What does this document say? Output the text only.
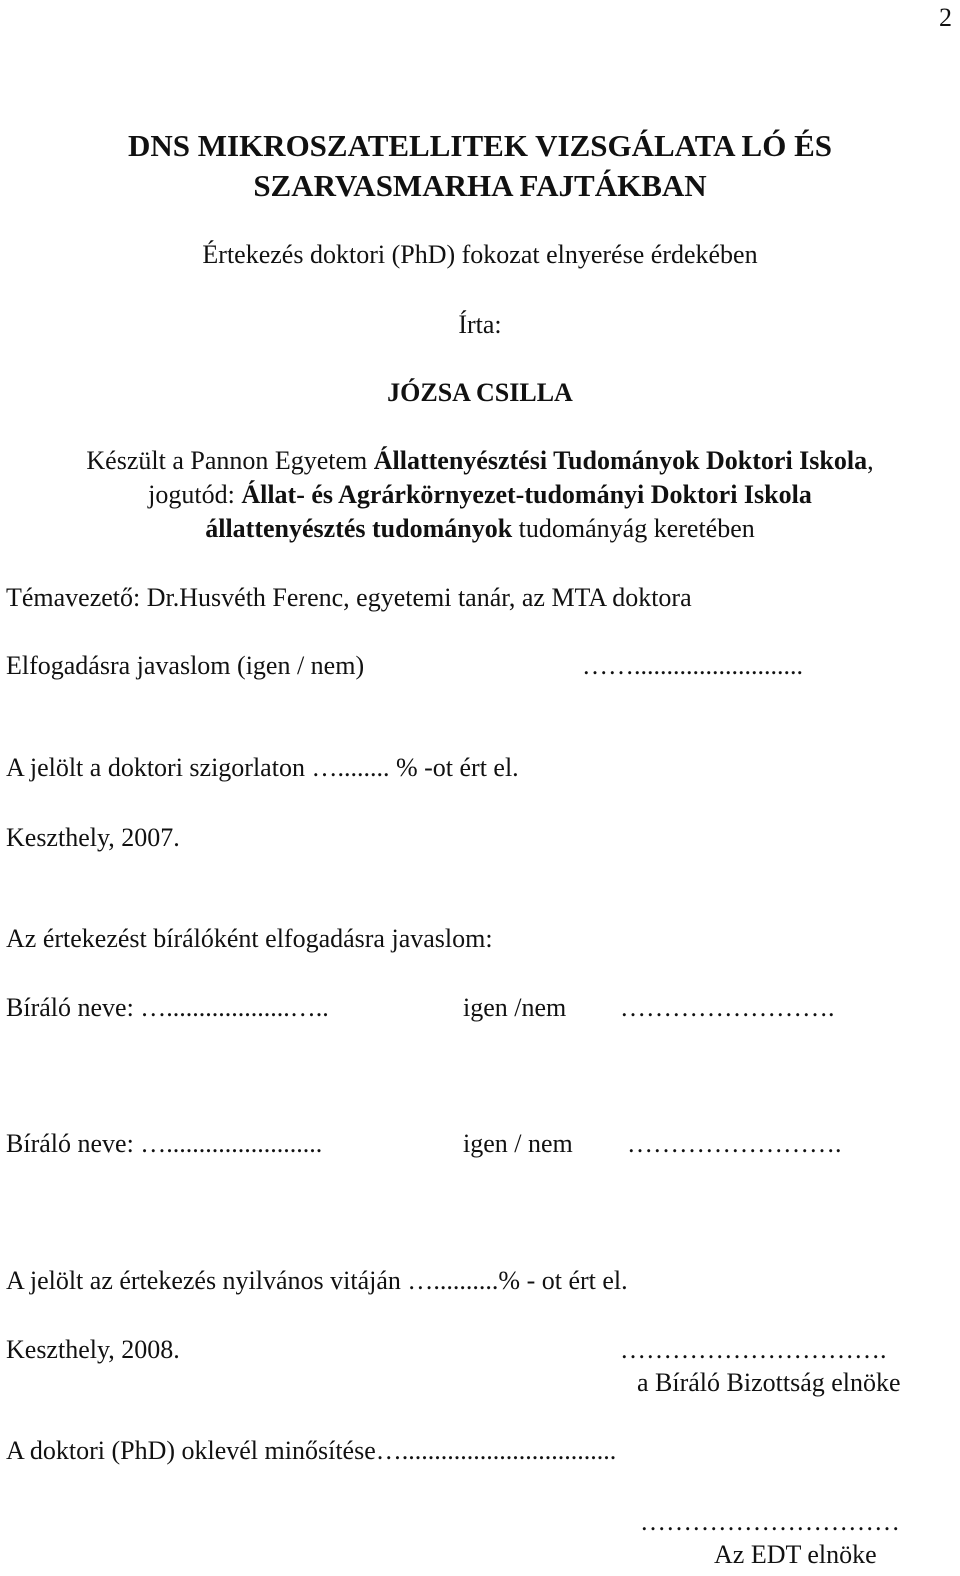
2
DNS MIKROSZATELLITEK VIZSGÁLATA LÓ ÉS
SZARVASMARHA FAJTÁKBAN
Értekezés doktori (PhD) fokozat elnyerése érdekében
Írta:
JÓZSA CSILLA
Készült a Pannon Egyetem Állattenyésztési Tudományok Doktori Iskola,
jogutód: Állat- és Agrárkörnyezet-tudományi Doktori Iskola
állattenyésztés tudományok tudományág keretében
Témavezető: Dr.Husvéth Ferenc, egyetemi tanár, az MTA doktora
Elfogadásra javaslom (igen / nem)	……..........................
A jelölt a doktori szigorlaton …........ % -ot ért el.
Keszthely, 2007.
Az értekezést bírálóként elfogadásra javaslom:
Bíráló neve: …...................…..	igen /nem …………………….
Bíráló neve: …........................	igen / nem …………………….
A jelölt az értekezés nyilvános vitáján …..........% - ot ért el.
Keszthely, 2008.	………………………….
a Bíráló Bizottság elnöke
A doktori (PhD) oklevél minősítése….................................
…………………………
Az EDT elnöke
